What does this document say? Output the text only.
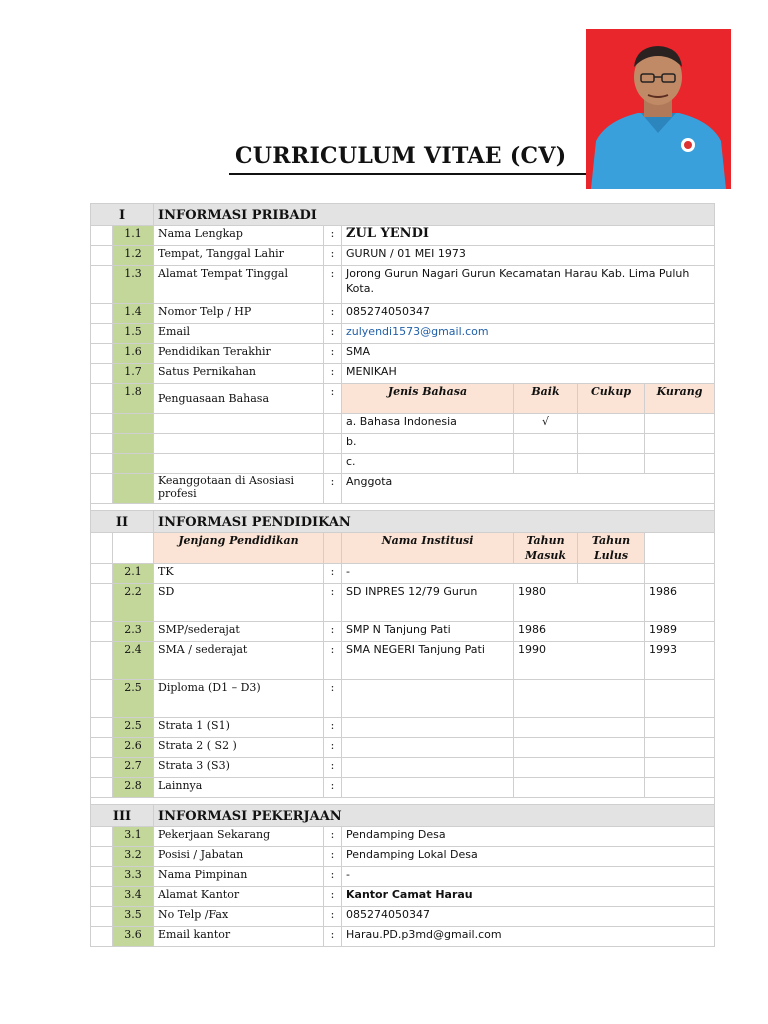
CURRICULUM VITAE (CV)
I		INFORMASI PRIBADI					
	1.1	Nama Lengkap	:	ZUL YENDI			
	1.2	Tempat, Tanggal Lahir	:	GURUN / 01 MEI 1973			
	1.3	Alamat Tempat Tinggal	:	Jorong Gurun Nagari Gurun Kecamatan Harau Kab. Lima Puluh Kota.			
	1.4	Nomor Telp / HP	:	085274050347			
	1.5	Email	:	zulyendi1573@gmail.com			
	1.6	Pendidikan Terakhir	:	SMA			
	1.7	Satus Pernikahan	:	MENIKAH			
	1.8	Penguasaan Bahasa	:	Jenis Bahasa	Baik	Cukup	Kurang
				a. Bahasa Indonesia	√		
				b.			
				c.			
		Keanggotaan di Asosiasi profesi	:	Anggota			

II		INFORMASI PENDIDIKAN					
		Jenjang Pendidikan		Nama Institusi	Tahun Masuk	Tahun Lulus	
	2.1	TK	:	-			
	2.2	SD	:	SD INPRES 12/79 Gurun	1980		1986
	2.3	SMP/sederajat	:	SMP N Tanjung Pati	1986		1989
	2.4	SMA / sederajat	:	SMA NEGERI Tanjung Pati	1990		1993
	2.5	Diploma (D1 – D3)	:				
	2.5	Strata 1 (S1)	:				
	2.6	Strata 2 ( S2 )	:				
	2.7	Strata 3 (S3)	:				
	2.8	Lainnya	:				

III		INFORMASI PEKERJAAN					
	3.1	Pekerjaan Sekarang	:	Pendamping Desa			
	3.2	Posisi / Jabatan	:	Pendamping Lokal Desa			
	3.3	Nama Pimpinan	:	-			
	3.4	Alamat Kantor	:	Kantor Camat Harau			
	3.5	No Telp /Fax	:	085274050347			
	3.6	Email kantor	:	Harau.PD.p3md@gmail.com			
